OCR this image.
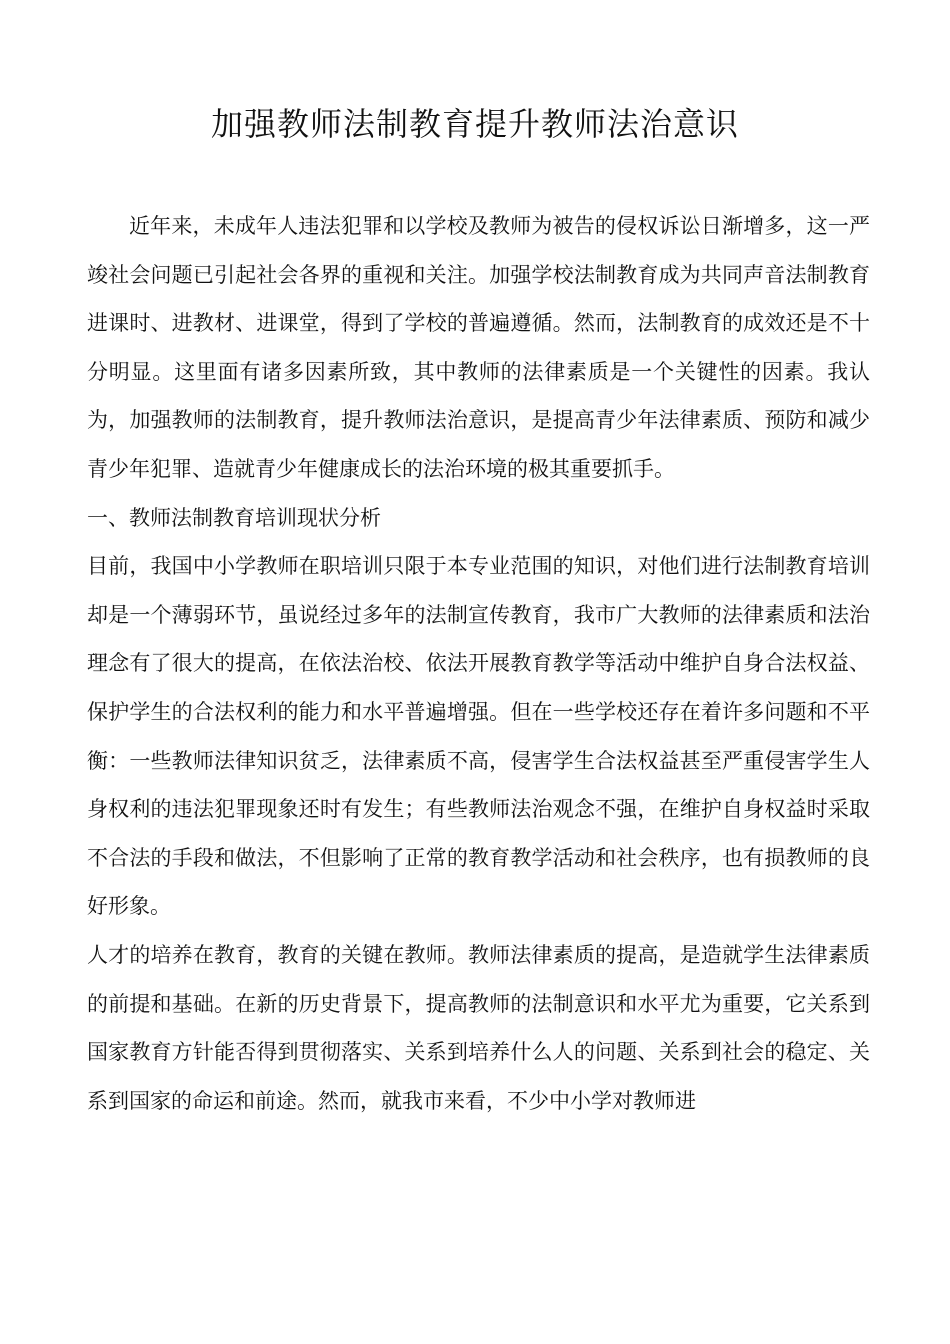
加强教师法制教育提升教师法治意识

近年来，未成年人违法犯罪和以学校及教师为被告的侵权诉讼日渐增多，这一严竣社会问题已引起社会各界的重视和关注。加强学校法制教育成为共同声音法制教育进课时、进教材、进课堂，得到了学校的普遍遵循。然而，法制教育的成效还是不十分明显。这里面有诸多因素所致，其中教师的法律素质是一个关键性的因素。我认为，加强教师的法制教育，提升教师法治意识，是提高青少年法律素质、预防和减少青少年犯罪、造就青少年健康成长的法治环境的极其重要抓手。

一、教师法制教育培训现状分析

目前，我国中小学教师在职培训只限于本专业范围的知识，对他们进行法制教育培训却是一个薄弱环节，虽说经过多年的法制宣传教育，我市广大教师的法律素质和法治理念有了很大的提高，在依法治校、依法开展教育教学等活动中维护自身合法权益、保护学生的合法权利的能力和水平普遍增强。但在一些学校还存在着许多问题和不平衡：一些教师法律知识贫乏，法律素质不高，侵害学生合法权益甚至严重侵害学生人身权利的违法犯罪现象还时有发生；有些教师法治观念不强，在维护自身权益时采取不合法的手段和做法，不但影响了正常的教育教学活动和社会秩序，也有损教师的良好形象。

人才的培养在教育，教育的关键在教师。教师法律素质的提高，是造就学生法律素质的前提和基础。在新的历史背景下，提高教师的法制意识和水平尤为重要，它关系到国家教育方针能否得到贯彻落实、关系到培养什么人的问题、关系到社会的稳定、关系到国家的命运和前途。然而，就我市来看，不少中小学对教师进
